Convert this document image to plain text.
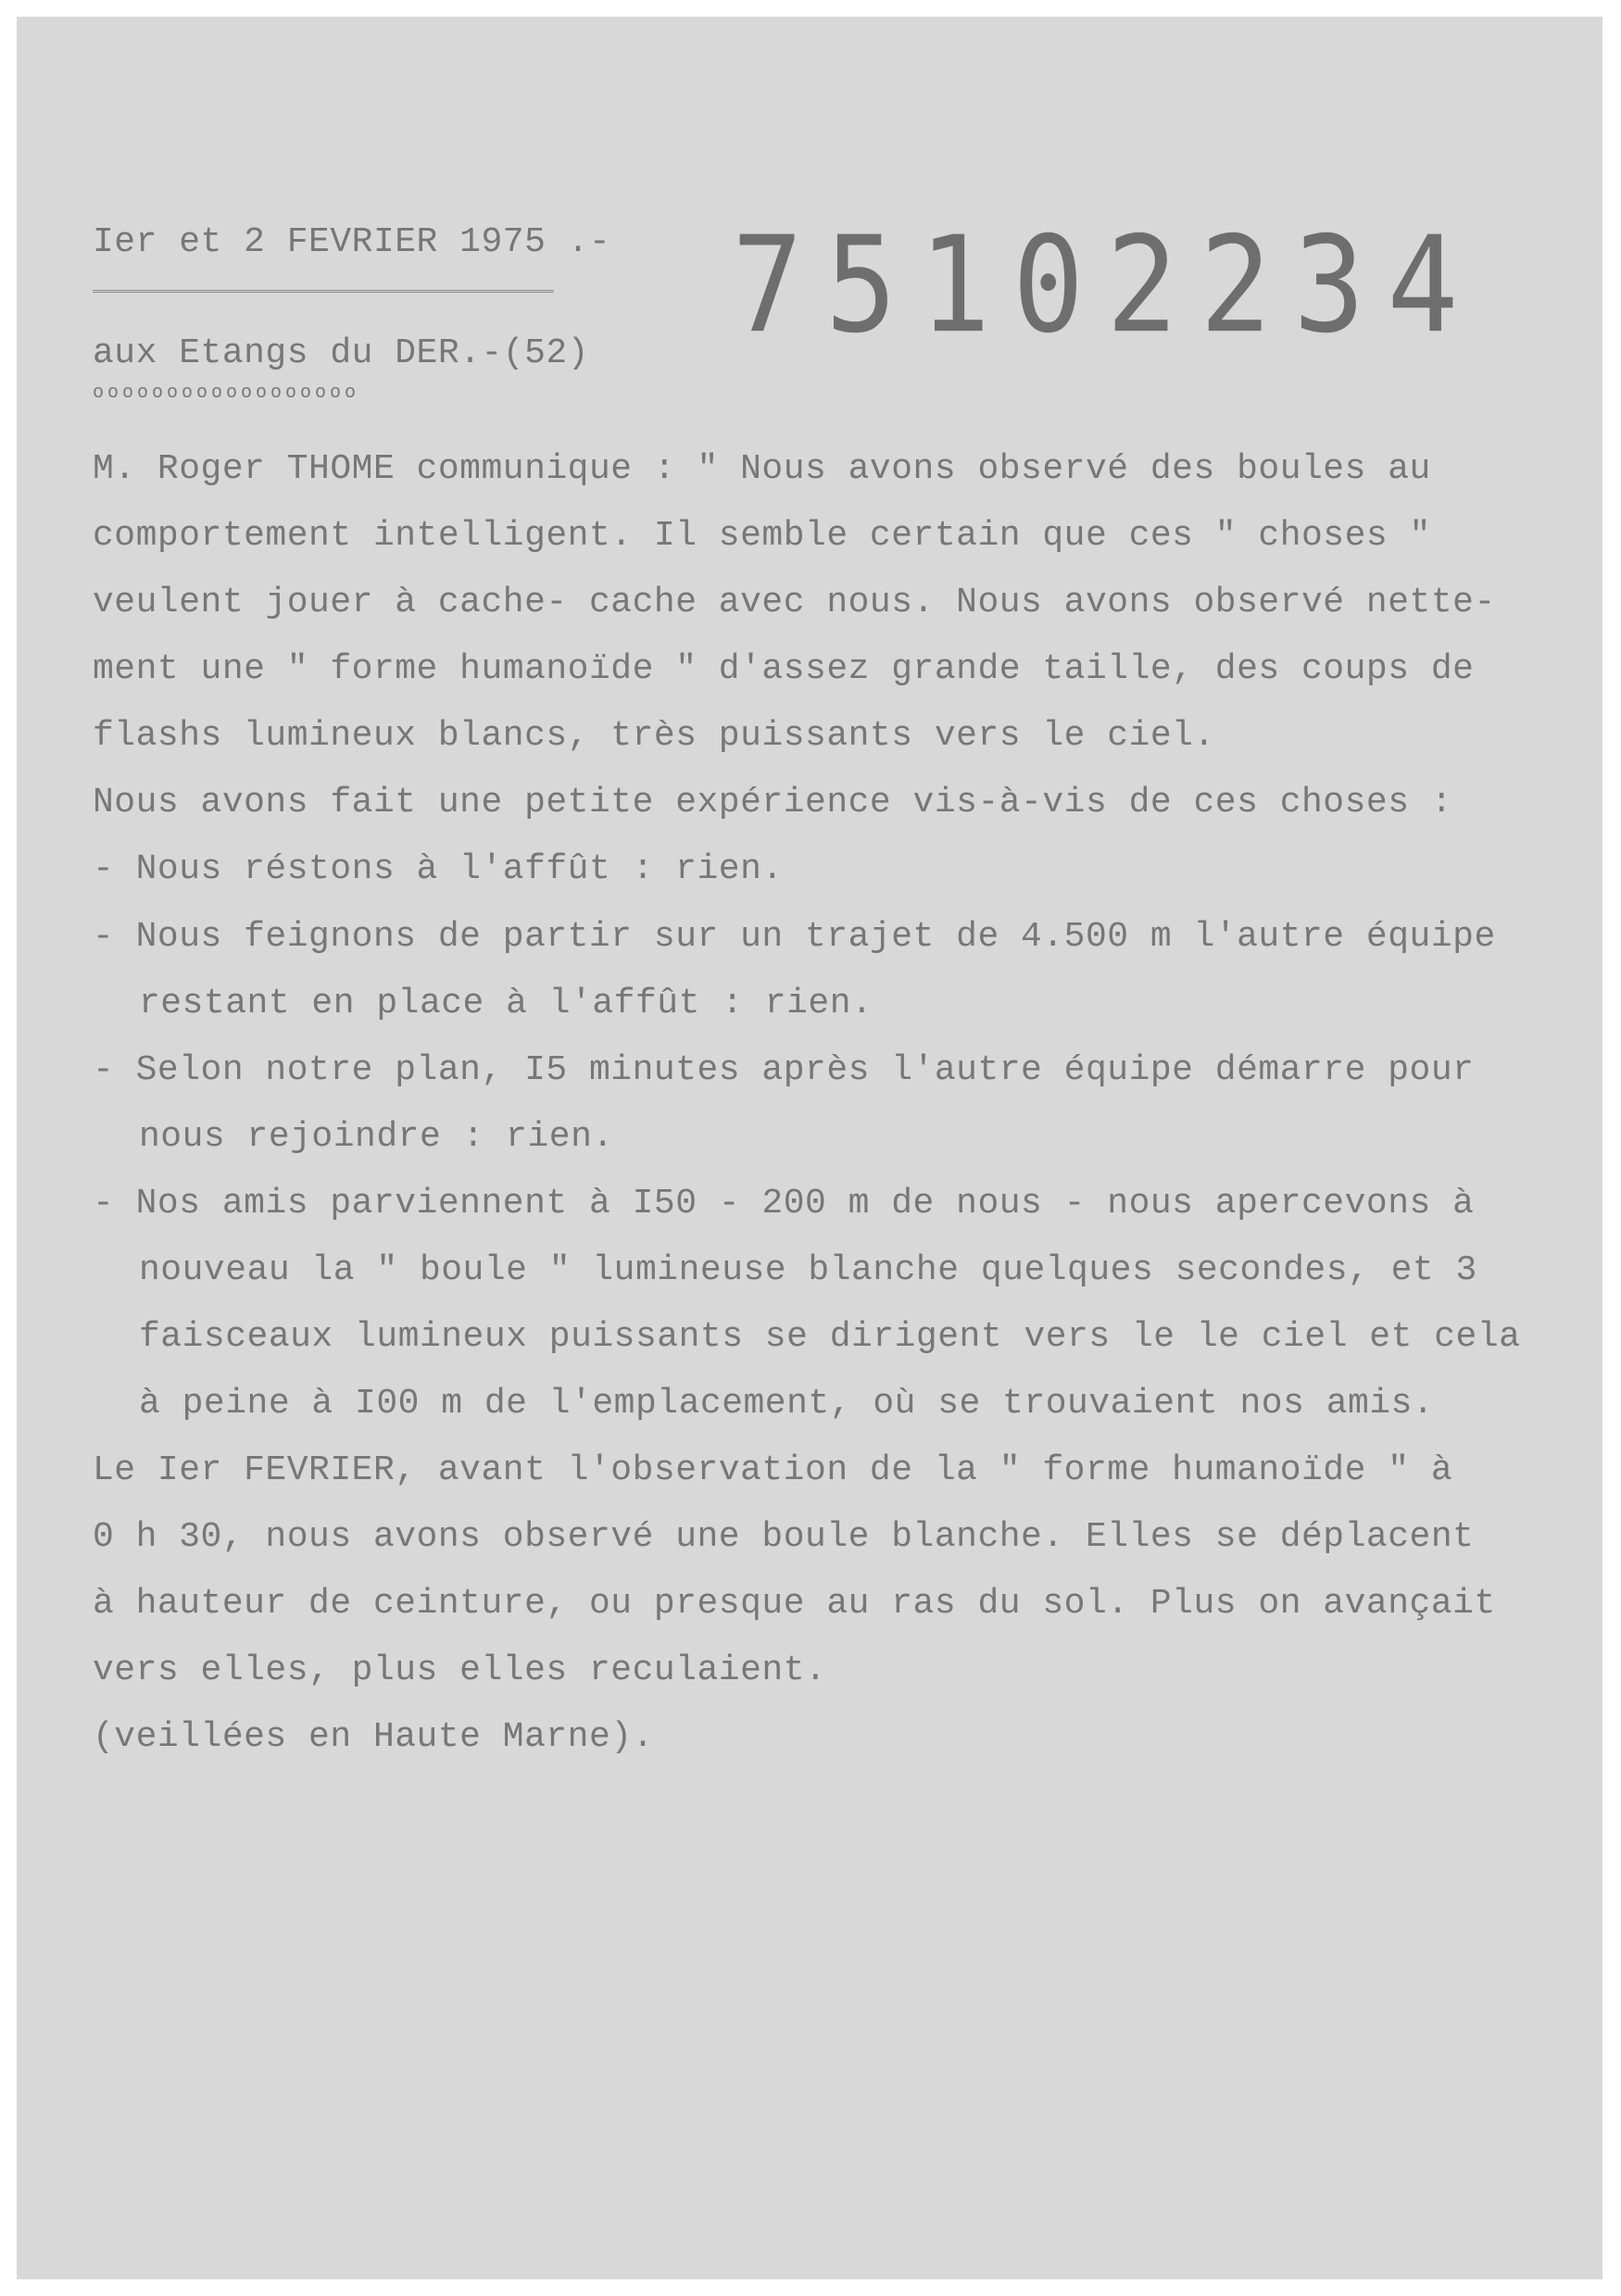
Ier et 2 FEVRIER 1975 .-
aux Etangs du DER.-(52)
oooooooooooooooooo
75102234
M. Roger THOME communique : " Nous avons observé des boules au
comportement intelligent. Il semble certain que ces " choses "
veulent jouer à cache- cache avec nous. Nous avons observé nette-
ment une " forme humanoïde " d'assez grande taille, des coups de
flashs lumineux blancs, très puissants vers le ciel.
Nous avons fait une petite expérience vis-à-vis de ces choses :
- Nous réstons à l'affût : rien.
- Nous feignons de partir sur un trajet de 4.500 m l'autre équipe
restant en place à l'affût : rien.
- Selon notre plan, I5 minutes après l'autre équipe démarre pour
nous rejoindre : rien.
- Nos amis parviennent à I50 - 200 m de nous - nous apercevons à
nouveau la " boule " lumineuse blanche quelques secondes, et 3
faisceaux lumineux puissants se dirigent vers le le ciel et cela
à peine à I00 m de l'emplacement, où se trouvaient nos amis.
Le Ier FEVRIER, avant l'observation de la " forme humanoïde " à
0 h 30, nous avons observé une boule blanche. Elles se déplacent
à hauteur de ceinture, ou presque au ras du sol. Plus on avançait
vers elles, plus elles reculaient.
(veillées en Haute Marne).
